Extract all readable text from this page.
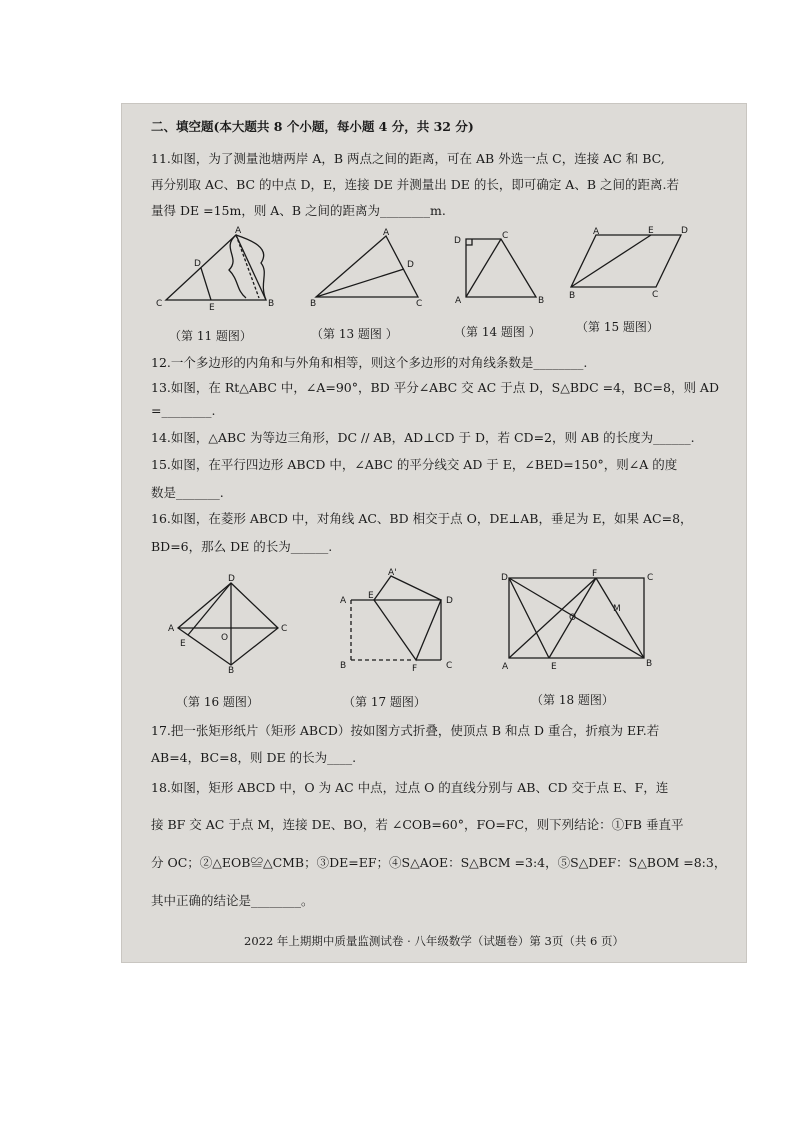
二、填空题(本大题共 8 个小题，每小题 4 分，共 32 分)
11.如图，为了测量池塘两岸 A，B 两点之间的距离，可在 AB 外选一点 C，连接 AC 和 BC,
再分别取 AC、BC 的中点 D，E，连接 DE 并测量出 DE 的长，即可确定 A、B 之间的距离.若
量得 DE =15m，则 A、B 之间的距离为________m.
A
B
C
D
E
（第 11 题图）
A
B	C
D
（第 13 题图 ）
D	C
A	B
（第 14 题图 ）
A	E	D
B	C
（第 15 题图）
12.一个多边形的内角和与外角和相等，则这个多边形的对角线条数是________.
13.如图，在 Rt△ABC 中，∠A=90°，BD 平分∠ABC 交 AC 于点 D，S△BDC =4，BC=8，则 AD
=________.
14.如图，△ABC 为等边三角形，DC // AB，AD⊥CD 于 D，若 CD=2，则 AB 的长度为______.
15.如图，在平行四边形 ABCD 中，∠ABC 的平分线交 AD 于 E，∠BED=150°，则∠A 的度
数是_______.
16.如图，在菱形 ABCD 中，对角线 AC、BD 相交于点 O，DE⊥AB，垂足为 E，如果 AC=8，
BD=6，那么 DE 的长为______.
D
A	C
B
E
O
（第 16 题图）
A'
A E	D
B	F	C
（第 17 题图）
D	F	C
O
M
A	E	B
（第 18 题图）
17.把一张矩形纸片（矩形 ABCD）按如图方式折叠，使顶点 B 和点 D 重合，折痕为 EF.若
AB=4，BC=8，则 DE 的长为____.
18.如图，矩形 ABCD 中，O 为 AC 中点，过点 O 的直线分别与 AB、CD 交于点 E、F，连
接 BF 交 AC 于点 M，连接 DE、BO，若 ∠COB=60°，FO=FC，则下列结论：①FB 垂直平
分 OC；②△EOB≌△CMB；③DE=EF；④S△AOE：S△BCM =3:4，⑤S△DEF：S△BOM =8:3，
其中正确的结论是________。
2022 年上期期中质量监测试卷 · 八年级数学（试题卷）第 3页（共 6 页）
